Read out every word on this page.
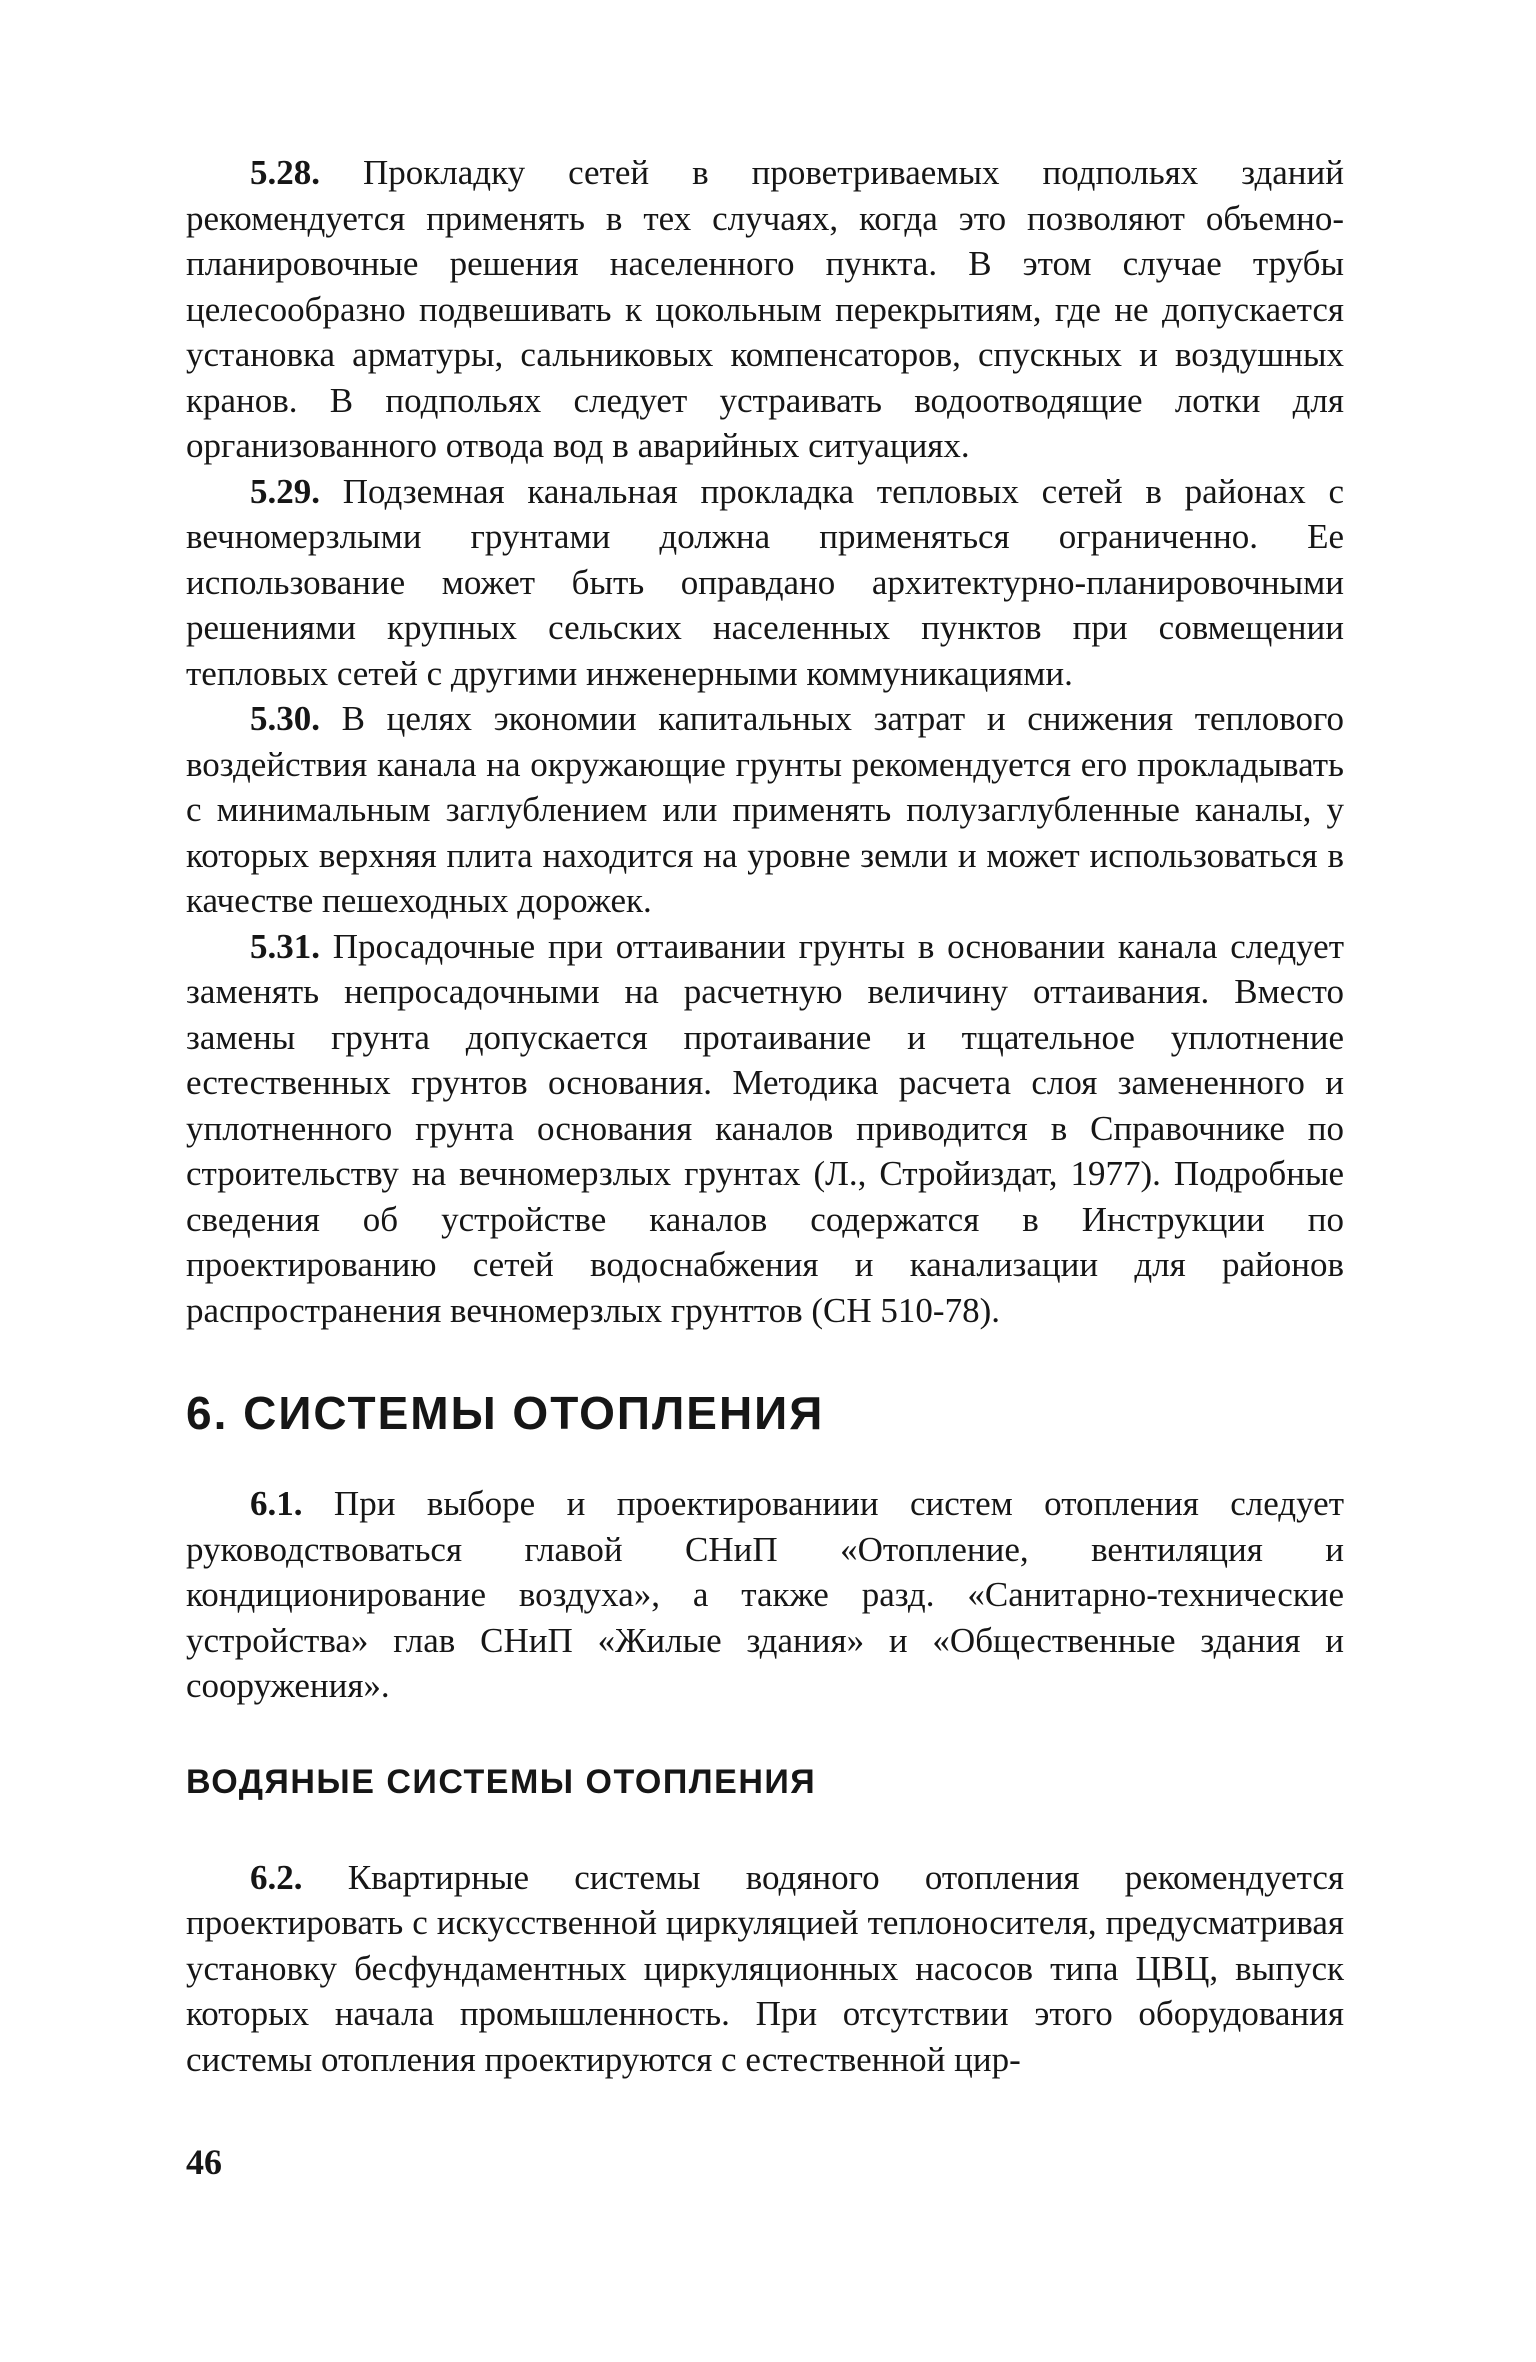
5.28. Прокладку сетей в проветриваемых подпольях зданий рекомендуется применять в тех случаях, когда это позволяют объемно-планировочные решения населенного пункта. В этом случае трубы целесообразно подвешивать к цокольным перекрытиям, где не допускается установка арматуры, сальниковых компенсаторов, спускных и воздушных кранов. В подпольях следует устраивать водоотводящие лотки для организованного отвода вод в аварийных ситуациях.

5.29. Подземная канальная прокладка тепловых сетей в районах с вечномерзлыми грунтами должна применяться ограниченно. Ее использование может быть оправдано архитектурно-планировочными решениями крупных сельских населенных пунктов при совмещении тепловых сетей с другими инженерными коммуникациями.

5.30. В целях экономии капитальных затрат и снижения теплового воздействия канала на окружающие грунты рекомендуется его прокладывать с минимальным заглублением или применять полузаглубленные каналы, у которых верхняя плита находится на уровне земли и может использоваться в качестве пешеходных дорожек.

5.31. Просадочные при оттаивании грунты в основании канала следует заменять непросадочными на расчетную величину оттаивания. Вместо замены грунта допускается протаивание и тщательное уплотнение естественных грунтов основания. Методика расчета слоя замененного и уплотненного грунта основания каналов приводится в Справочнике по строительству на вечномерзлых грунтах (Л., Стройиздат, 1977). Подробные сведения об устройстве каналов содержатся в Инструкции по проектированию сетей водоснабжения и канализации для районов распространения вечномерзлых грунттов (СН 510-78).

6. СИСТЕМЫ ОТОПЛЕНИЯ

6.1. При выборе и проектированиии систем отопления следует руководствоваться главой СНиП «Отопление, вентиляция и кондиционирование воздуха», а также разд. «Санитарно-технические устройства» глав СНиП «Жилые здания» и «Общественные здания и сооружения».

ВОДЯНЫЕ СИСТЕМЫ ОТОПЛЕНИЯ

6.2. Квартирные системы водяного отопления рекомендуется проектировать с искусственной циркуляцией теплоносителя, предусматривая установку бесфундаментных циркуляционных насосов типа ЦВЦ, выпуск которых начала промышленность. При отсутствии этого оборудования системы отопления проектируются с естественной цир-

46
